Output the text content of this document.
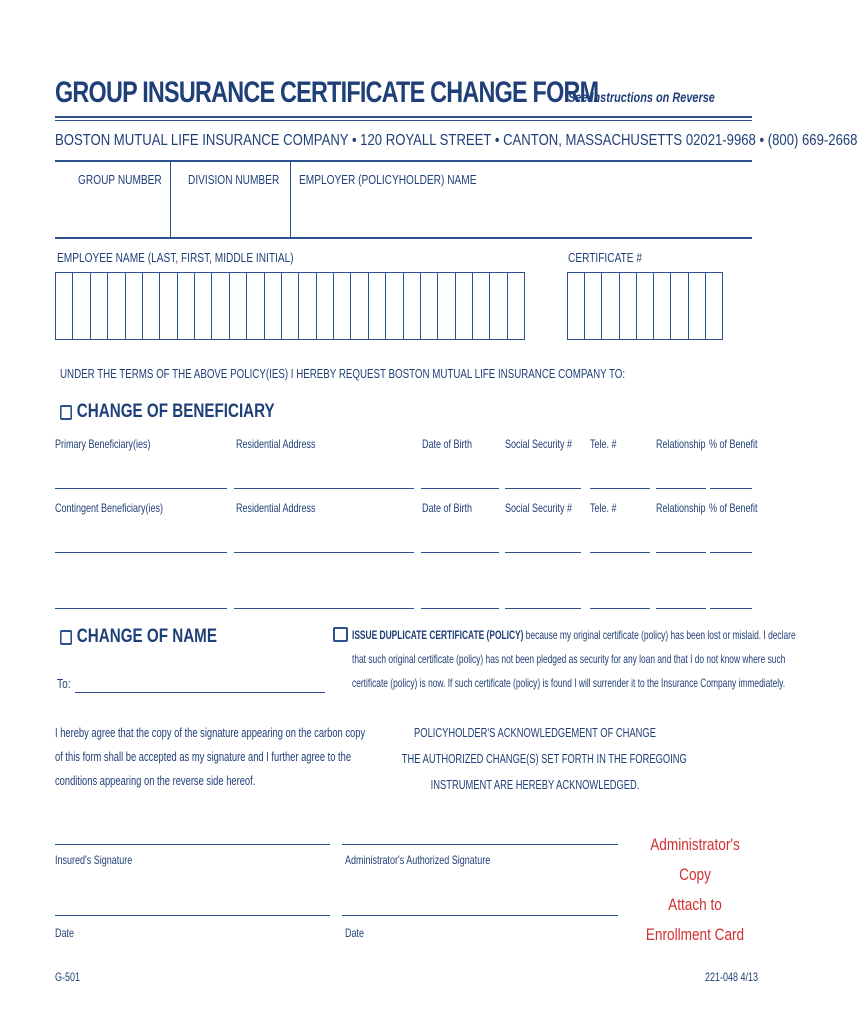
GROUP INSURANCE CERTIFICATE CHANGE FORM
See Instructions on Reverse
BOSTON MUTUAL LIFE INSURANCE COMPANY • 120 ROYALL STREET • CANTON, MASSACHUSETTS 02021-9968 • (800) 669-2668
GROUP NUMBER DIVISION NUMBER EMPLOYER (POLICYHOLDER) NAME
EMPLOYEE NAME (LAST, FIRST, MIDDLE INITIAL)	CERTIFICATE #
UNDER THE TERMS OF THE ABOVE POLICY(IES) I HEREBY REQUEST BOSTON MUTUAL LIFE INSURANCE COMPANY TO:
CHANGE OF BENEFICIARY
Primary Beneficiary(ies)	Residential Address	Date of Birth	Social Security # Tele. #	Relationship % of Benefit
Contingent Beneficiary(ies)	Residential Address	Date of Birth	Social Security # Tele. #	Relationship % of Benefit
CHANGE OF NAME
To:
ISSUE DUPLICATE CERTIFICATE (POLICY) because my original certificate (policy) has been lost or mislaid. I declare
that such original certificate (policy) has not been pledged as security for any loan and that I do not know where such
certificate (policy) is now. If such certificate (policy) is found I will surrender it to the Insurance Company immediately.
I hereby agree that the copy of the signature appearing on the carbon copy
of this form shall be accepted as my signature and I further agree to the
conditions appearing on the reverse side hereof.
POLICYHOLDER'S ACKNOWLEDGEMENT OF CHANGE
THE AUTHORIZED CHANGE(S) SET FORTH IN THE FOREGOING
INSTRUMENT ARE HEREBY ACKNOWLEDGED.
Insured's Signature	Administrator's Authorized Signature
Date	Date
Administrator's Copy
Attach to
Enrollment Card
G-501	221-048 4/13
